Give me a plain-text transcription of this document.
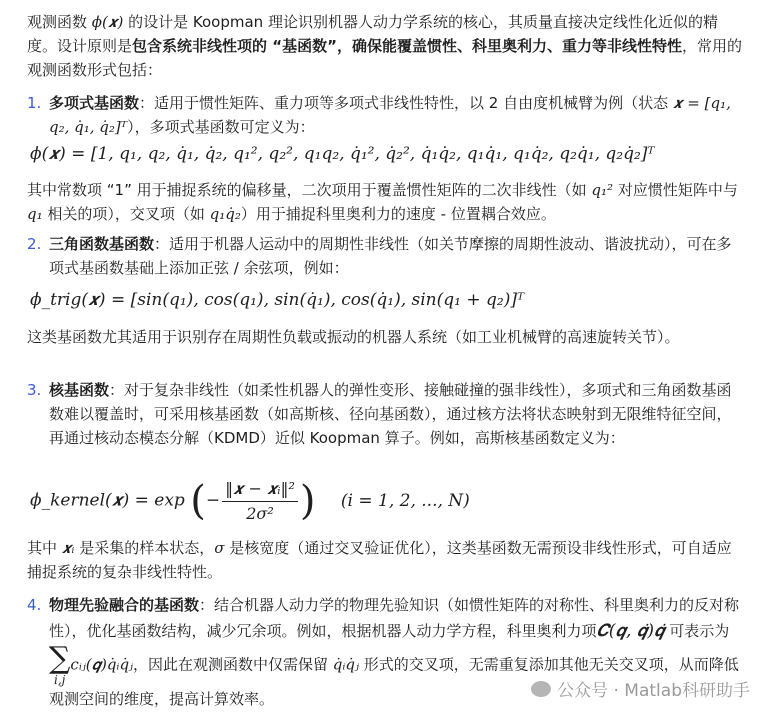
观测函数 ϕ(𝒙) 的设计是 Koopman 理论识别机器人动力学系统的核心，其质量直接决定线性化近似的精度。设计原则是包含系统非线性项的 “基函数”，确保能覆盖惯性、科里奥利力、重力等非线性特性，常用的观测函数形式包括：
1. 多项式基函数：适用于惯性矩阵、重力项等多项式非线性特性，以 2 自由度机械臂为例（状态 𝒙 = [q₁, q₂, q̇₁, q̇₂]ᵀ），多项式基函数可定义为：
ϕ(𝒙) = [1, q₁, q₂, q̇₁, q̇₂, q₁², q₂², q₁q₂, q̇₁², q̇₂², q̇₁q̇₂, q₁q̇₁, q₁q̇₂, q₂q̇₁, q₂q̇₂]ᵀ
其中常数项 “1” 用于捕捉系统的偏移量，二次项用于覆盖惯性矩阵的二次非线性（如 q₁² 对应惯性矩阵中与 q₁ 相关的项），交叉项（如 q₁q̇₂）用于捕捉科里奥利力的速度 - 位置耦合效应。
2. 三角函数基函数：适用于机器人运动中的周期性非线性（如关节摩擦的周期性波动、谐波扰动），可在多项式基函数基础上添加正弦 / 余弦项，例如：
ϕ_trig(𝒙) = [sin(q₁), cos(q₁), sin(q̇₁), cos(q̇₁), sin(q₁ + q₂)]ᵀ
这类基函数尤其适用于识别存在周期性负载或振动的机器人系统（如工业机械臂的高速旋转关节）。
3. 核基函数：对于复杂非线性（如柔性机器人的弹性变形、接触碰撞的强非线性），多项式和三角函数基函数难以覆盖时，可采用核基函数（如高斯核、径向基函数），通过核方法将状态映射到无限维特征空间，再通过核动态模态分解（KDMD）近似 Koopman 算子。例如，高斯核基函数定义为：
ϕ_kernel(𝒙) = exp (− $\frac{\text{‖𝒙 − 𝒙ᵢ‖²}}{\text{2σ²}}$ ) (i = 1, 2, ..., N)
其中 𝒙ᵢ 是采集的样本状态，σ 是核宽度（通过交叉验证优化），这类基函数无需预设非线性形式，可自适应捕捉系统的复杂非线性特性。
4. 物理先验融合的基函数：结合机器人动力学的物理先验知识（如惯性矩阵的对称性、科里奥利力的反对称性），优化基函数结构，减少冗余项。例如，根据机器人动力学方程，科里奥利力项𝑪(𝒒, 𝒒̇)𝒒̇ 可表示为
∑
i,j
cᵢⱼ(𝒒)q̇ᵢq̇ⱼ，因此在观测函数中仅需保留 q̇ᵢq̇ⱼ 形式的交叉项，无需重复添加其他无关交叉项，从而降低观测空间的维度，提高计算效率。	公众号 · Matlab科研助手
